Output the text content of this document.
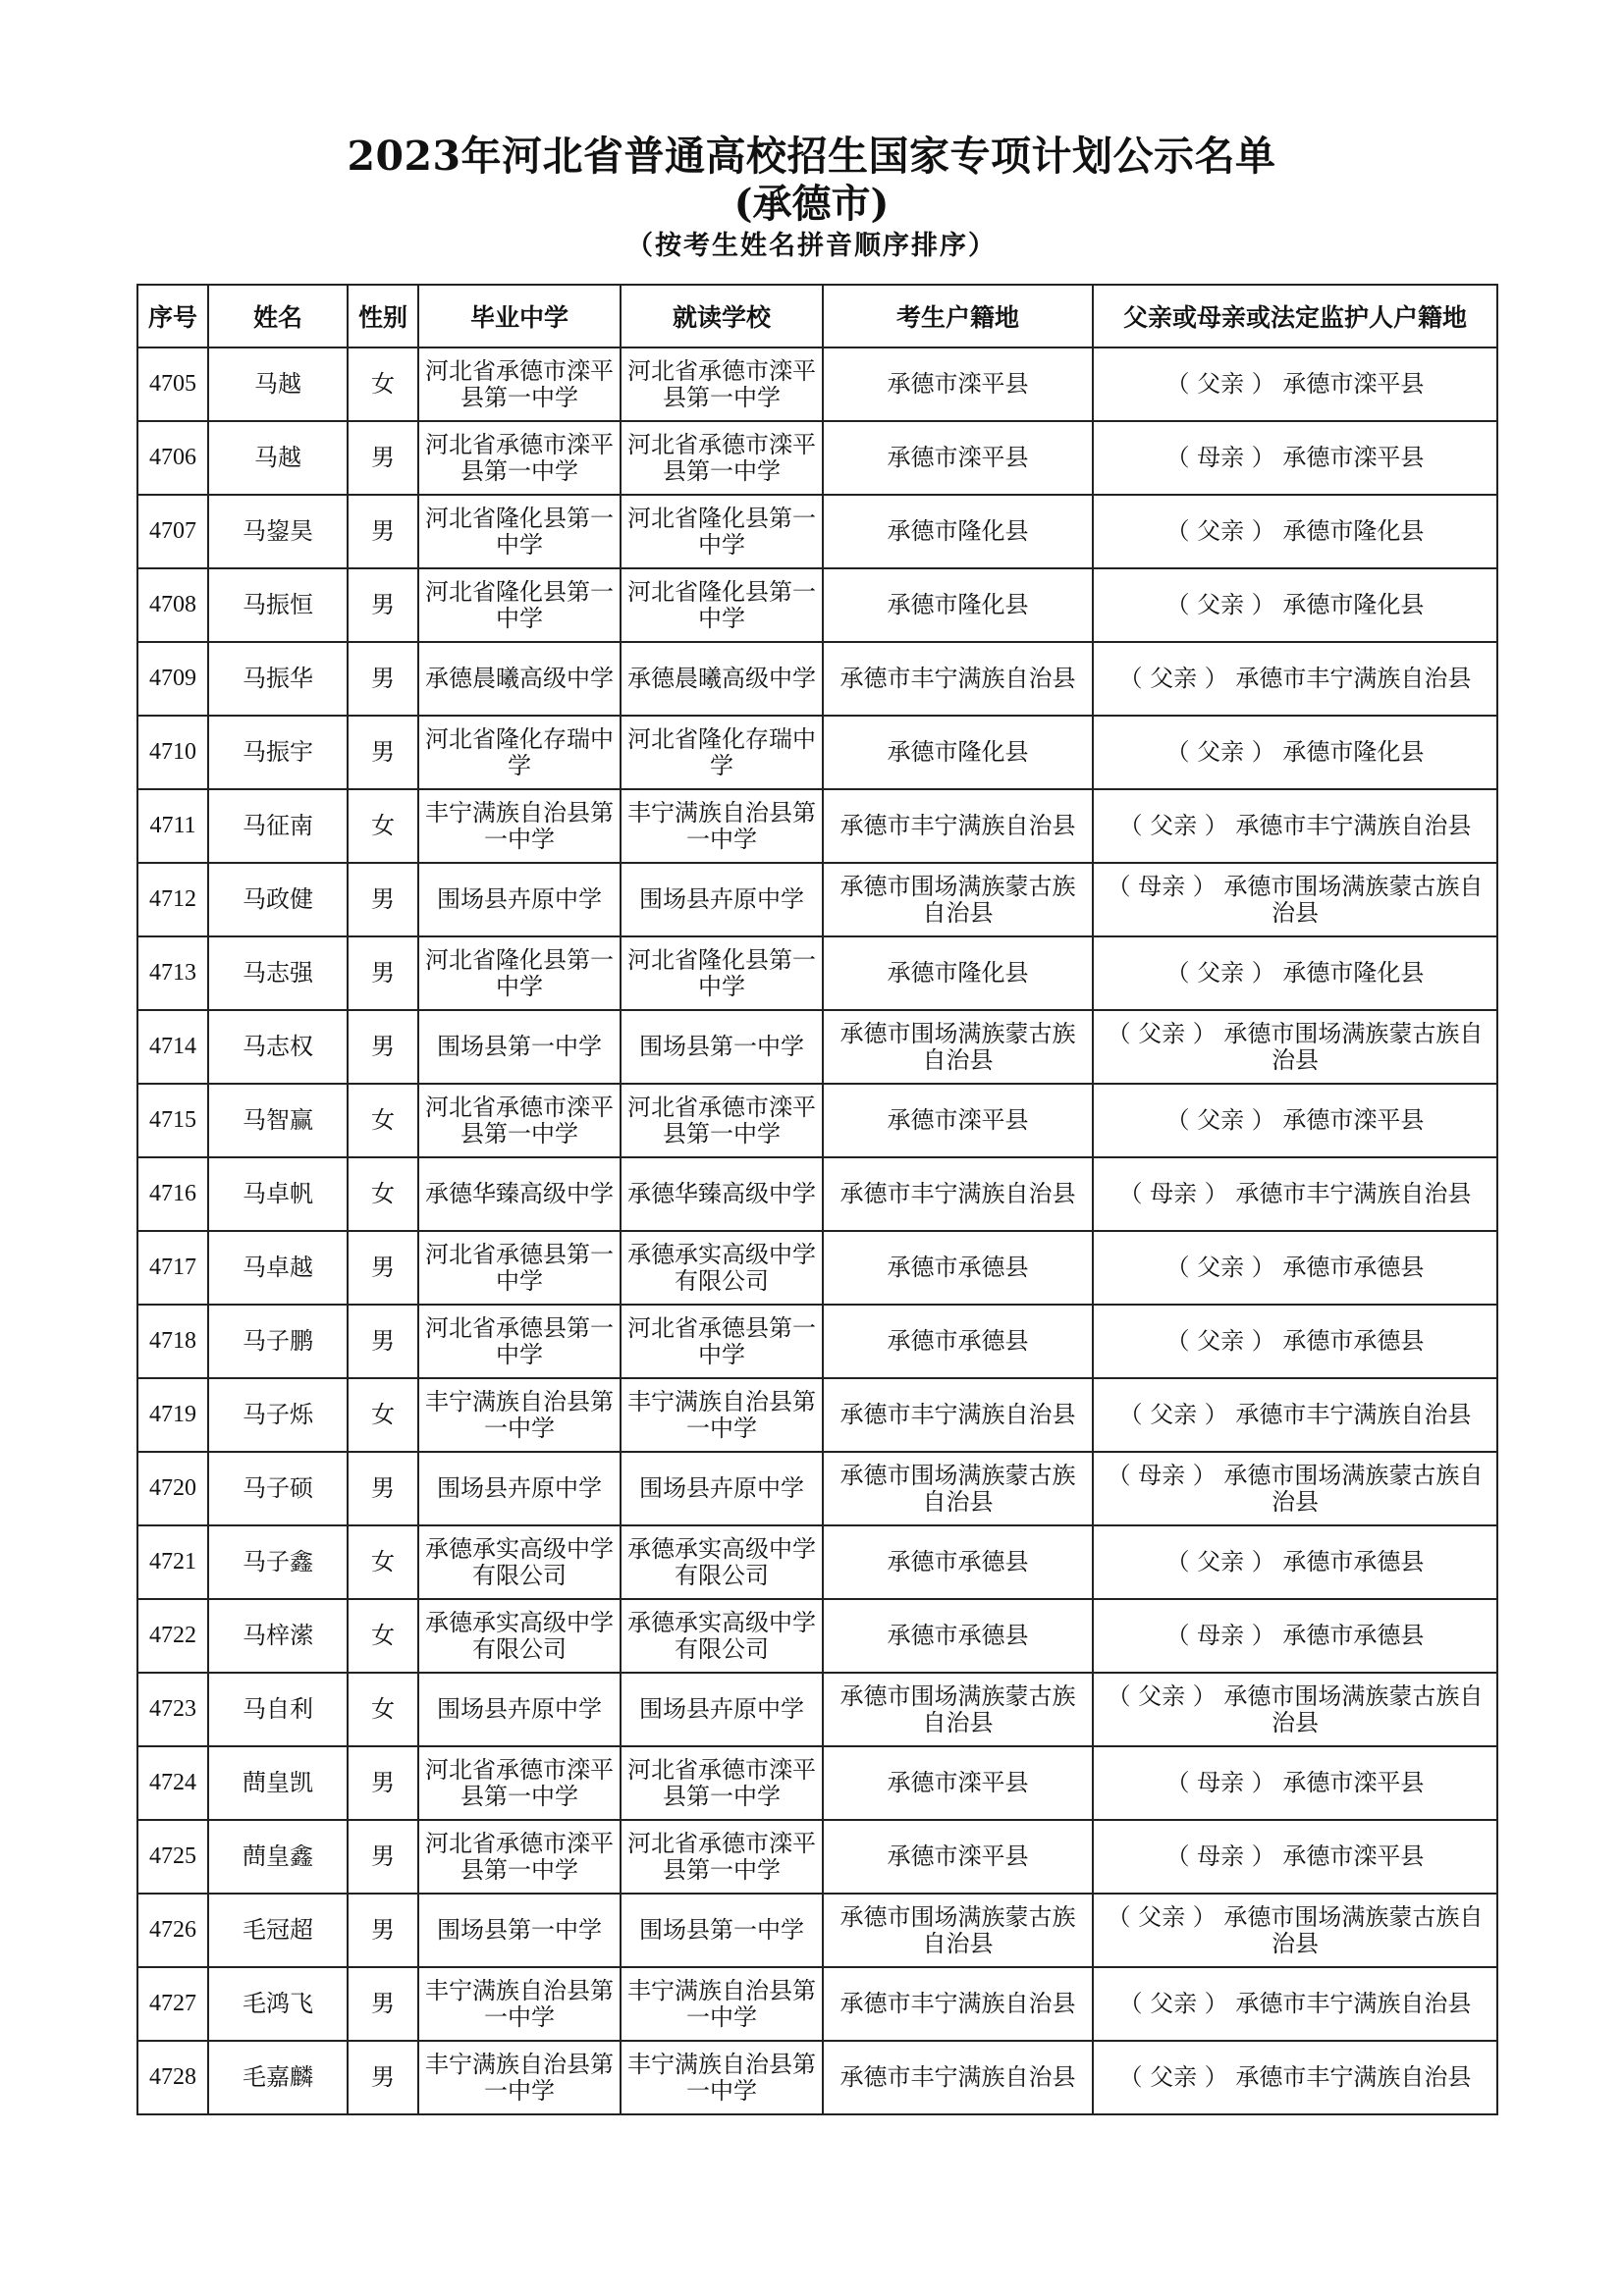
2023年河北省普通高校招生国家专项计划公示名单
(承德市)
（按考生姓名拼音顺序排序）
序号	姓名	性别	毕业中学	就读学校	考生户籍地	父亲或母亲或法定监护人户籍地
4705	马越	女	河北省承德市滦平县第一中学	河北省承德市滦平县第一中学	承德市滦平县	（ 父亲 ） 承德市滦平县
4706	马越	男	河北省承德市滦平县第一中学	河北省承德市滦平县第一中学	承德市滦平县	（ 母亲 ） 承德市滦平县
4707	马鋆昊	男	河北省隆化县第一中学	河北省隆化县第一中学	承德市隆化县	（ 父亲 ） 承德市隆化县
4708	马振恒	男	河北省隆化县第一中学	河北省隆化县第一中学	承德市隆化县	（ 父亲 ） 承德市隆化县
4709	马振华	男	承德晨曦高级中学	承德晨曦高级中学	承德市丰宁满族自治县	（ 父亲 ） 承德市丰宁满族自治县
4710	马振宇	男	河北省隆化存瑞中学	河北省隆化存瑞中学	承德市隆化县	（ 父亲 ） 承德市隆化县
4711	马征南	女	丰宁满族自治县第一中学	丰宁满族自治县第一中学	承德市丰宁满族自治县	（ 父亲 ） 承德市丰宁满族自治县
4712	马政健	男	围场县卉原中学	围场县卉原中学	承德市围场满族蒙古族自治县	（ 母亲 ） 承德市围场满族蒙古族自治县
4713	马志强	男	河北省隆化县第一中学	河北省隆化县第一中学	承德市隆化县	（ 父亲 ） 承德市隆化县
4714	马志权	男	围场县第一中学	围场县第一中学	承德市围场满族蒙古族自治县	（ 父亲 ） 承德市围场满族蒙古族自治县
4715	马智赢	女	河北省承德市滦平县第一中学	河北省承德市滦平县第一中学	承德市滦平县	（ 父亲 ） 承德市滦平县
4716	马卓帆	女	承德华臻高级中学	承德华臻高级中学	承德市丰宁满族自治县	（ 母亲 ） 承德市丰宁满族自治县
4717	马卓越	男	河北省承德县第一中学	承德承实高级中学有限公司	承德市承德县	（ 父亲 ） 承德市承德县
4718	马子鹏	男	河北省承德县第一中学	河北省承德县第一中学	承德市承德县	（ 父亲 ） 承德市承德县
4719	马子烁	女	丰宁满族自治县第一中学	丰宁满族自治县第一中学	承德市丰宁满族自治县	（ 父亲 ） 承德市丰宁满族自治县
4720	马子硕	男	围场县卉原中学	围场县卉原中学	承德市围场满族蒙古族自治县	（ 母亲 ） 承德市围场满族蒙古族自治县
4721	马子鑫	女	承德承实高级中学有限公司	承德承实高级中学有限公司	承德市承德县	（ 父亲 ） 承德市承德县
4722	马梓潆	女	承德承实高级中学有限公司	承德承实高级中学有限公司	承德市承德县	（ 母亲 ） 承德市承德县
4723	马自利	女	围场县卉原中学	围场县卉原中学	承德市围场满族蒙古族自治县	（ 父亲 ） 承德市围场满族蒙古族自治县
4724	蔄皇凯	男	河北省承德市滦平县第一中学	河北省承德市滦平县第一中学	承德市滦平县	（ 母亲 ） 承德市滦平县
4725	蔄皇鑫	男	河北省承德市滦平县第一中学	河北省承德市滦平县第一中学	承德市滦平县	（ 母亲 ） 承德市滦平县
4726	毛冠超	男	围场县第一中学	围场县第一中学	承德市围场满族蒙古族自治县	（ 父亲 ） 承德市围场满族蒙古族自治县
4727	毛鸿飞	男	丰宁满族自治县第一中学	丰宁满族自治县第一中学	承德市丰宁满族自治县	（ 父亲 ） 承德市丰宁满族自治县
4728	毛嘉麟	男	丰宁满族自治县第一中学	丰宁满族自治县第一中学	承德市丰宁满族自治县	（ 父亲 ） 承德市丰宁满族自治县
